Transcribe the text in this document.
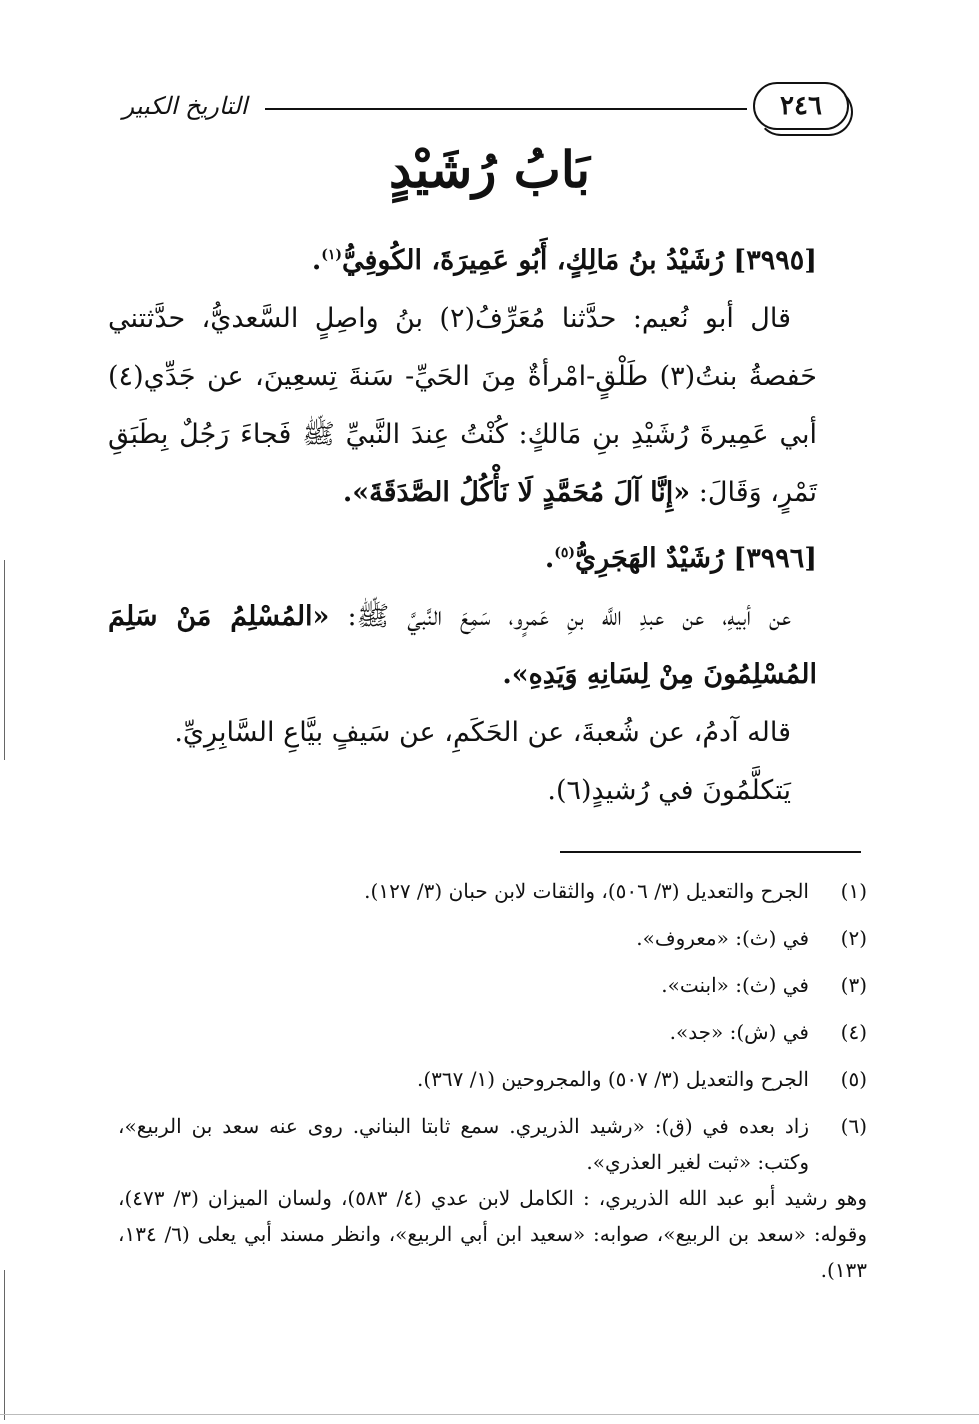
٢٤٦
التاريخ الكبير
بَابُ رُشَيْدٍ

[٣٩٩٥] رُشَيْدُ بنُ مَالِكٍ، أَبُو عَمِيرَةَ، الكُوفِيُّ$^{(١)}$.

قال أبو نُعيم: حدَّثنا مُعَرِّفُ(٢) بنُ واصِلٍ السَّعديُّ، حدَّثتني حَفصةُ بنتُ(٣) طَلْقٍ-امْرأةٌ مِنَ الحَيِّ- سَنةَ تِسعِينَ، عن جَدِّي(٤) أبي عَمِيرةَ رُشَيْدِ بنِ مَالكٍ: كُنْتُ عِندَ النَّبيِّ ﷺ فَجاءَ رَجُلٌ بِطَبَقِ تَمْرٍ، وَقَالَ: «إِنَّا آلَ مُحَمَّدٍ لَا نَأْكُلُ الصَّدَقَةَ».

[٣٩٩٦] رُشَيْدٌ الهَجَرِيُّ$^{(٥)}$.

عن أبيهِ، عن عبدِ اللَّه بنِ عَمرٍو، سَمِعَ النَّبيَّ ﷺ: «المُسْلِمُ مَنْ سَلِمَ المُسْلِمُونَ مِنْ لِسَانِهِ وَيَدِهِ».

قاله آدمُ، عن شُعبةَ، عن الحَكَمِ، عن سَيفٍ بيَّاعِ السَّابِرِيِّ.

يَتكلَّمُونَ في رُشيدٍ(٦).

(١)
الجرح والتعديل (٣/ ٥٠٦)، والثقات لابن حبان (٣/ ١٢٧).
(٢)
في (ث): «معروف».
(٣)
في (ث): «ابنت».
(٤)
في (ش): «جد».
(٥)
الجرح والتعديل (٣/ ٥٠٧) والمجروحين (١/ ٣٦٧).
(٦)
زاد بعده في (ق): «رشيد الذريري. سمع ثابتا البناني. روى عنه سعد بن الربيع»، وكتب: «ثبت لغير العذري».
وهو رشيد أبو عبد الله الذريري، : الكامل لابن عدي (٤/ ٥٨٣)، ولسان الميزان (٣/ ٤٧٣)، وقوله: «سعد بن الربيع»، صوابه: «سعيد ابن أبي الربيع»، وانظر مسند أبي يعلى (٦/ ١٣٤، ١٣٣).
